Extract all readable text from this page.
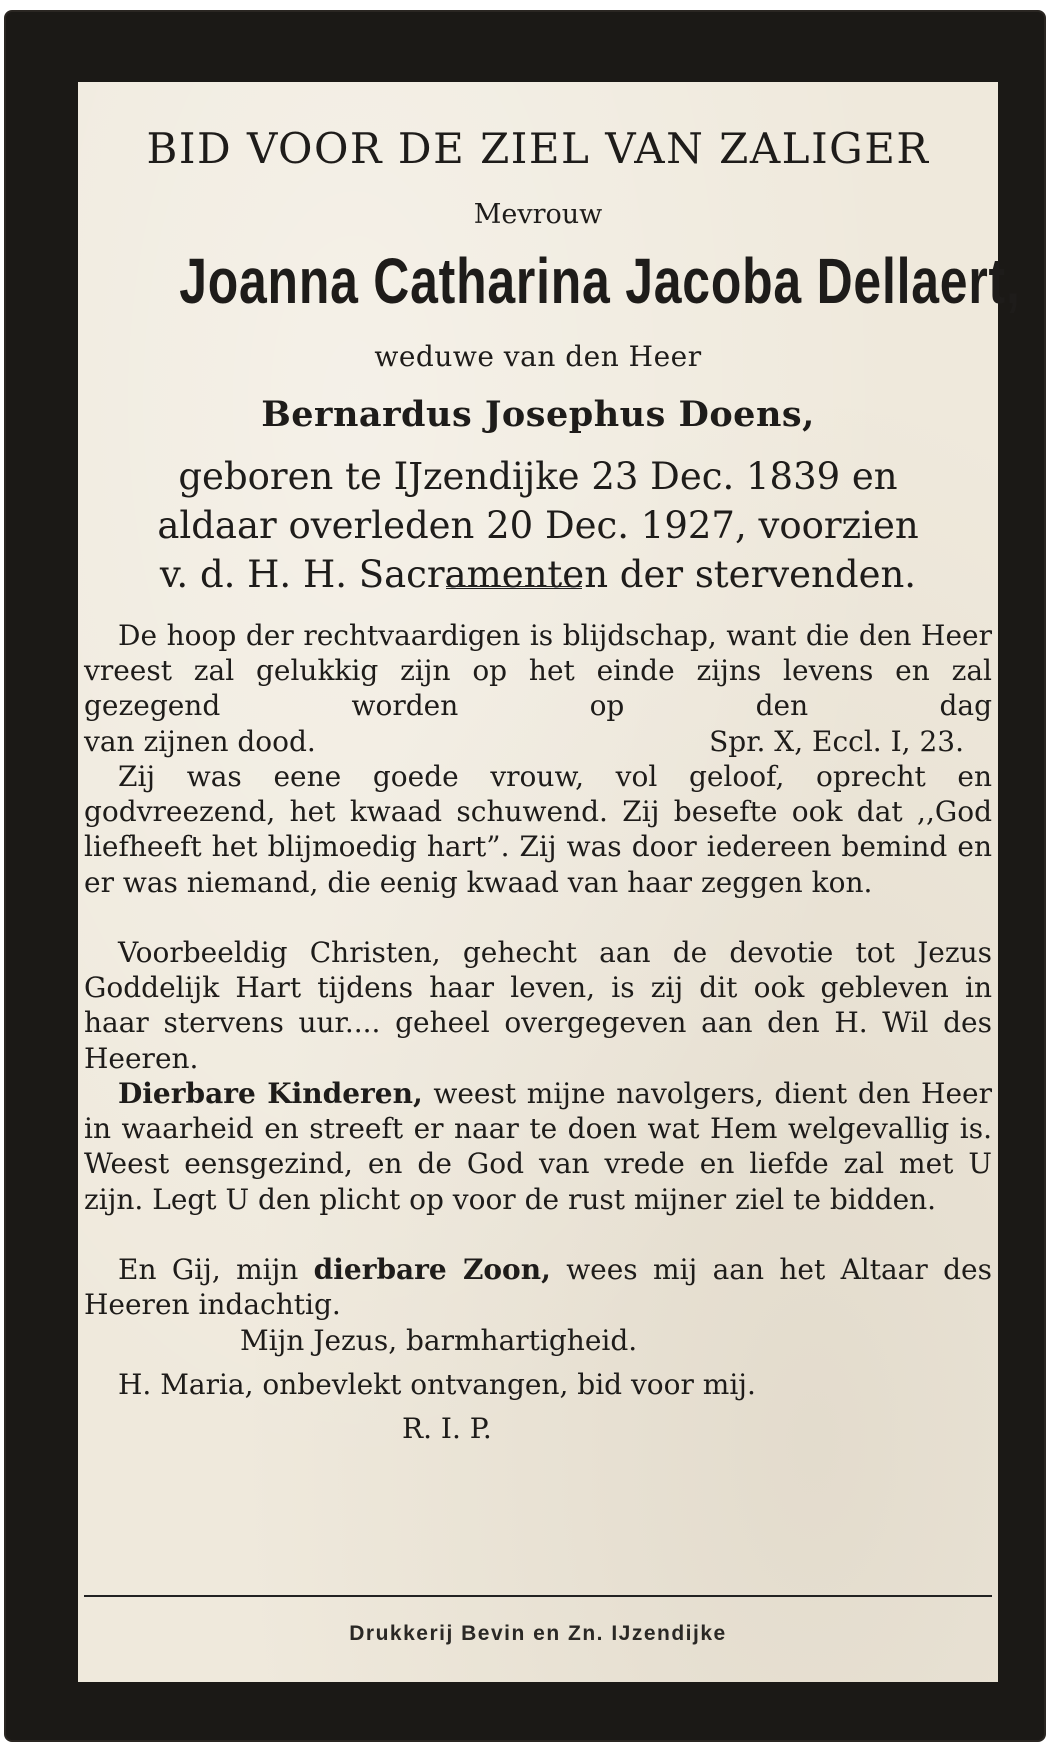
BID VOOR DE ZIEL VAN ZALIGER
Mevrouw
Joanna Catharina Jacoba Dellaert,
weduwe van den Heer
Bernardus Josephus Doens,
geboren te IJzendijke 23 Dec. 1839 en
aldaar overleden 20 Dec. 1927, voorzien
v. d. H. H. Sacramenten der stervenden.
De hoop der rechtvaardigen is blijdschap, want die den Heer vreest zal gelukkig zijn op het einde zijns levens en zal gezegend worden op den dag
van zijnen dood.	Spr. X, Eccl. I, 23.
Zij was eene goede vrouw, vol geloof, oprecht en godvreezend, het kwaad schuwend. Zij besefte ook dat ,,God liefheeft het blijmoedig hart”. Zij was door iedereen bemind en er was niemand, die eenig kwaad van haar zeggen kon.
Voorbeeldig Christen, gehecht aan de devotie tot Jezus Goddelijk Hart tijdens haar leven, is zij dit ook gebleven in haar stervens uur.... geheel overgegeven aan den H. Wil des Heeren.
Dierbare Kinderen, weest mijne navolgers, dient den Heer in waarheid en streeft er naar te doen wat Hem welgevallig is. Weest eensgezind, en de God van vrede en liefde zal met U zijn. Legt U den plicht op voor de rust mijner ziel te bidden.
En Gij, mijn dierbare Zoon, wees mij aan het Altaar des Heeren indachtig.
Mijn Jezus, barmhartigheid.
H. Maria, onbevlekt ontvangen, bid voor mij.
R. I. P.
Drukkerij Bevin en Zn. IJzendijke
